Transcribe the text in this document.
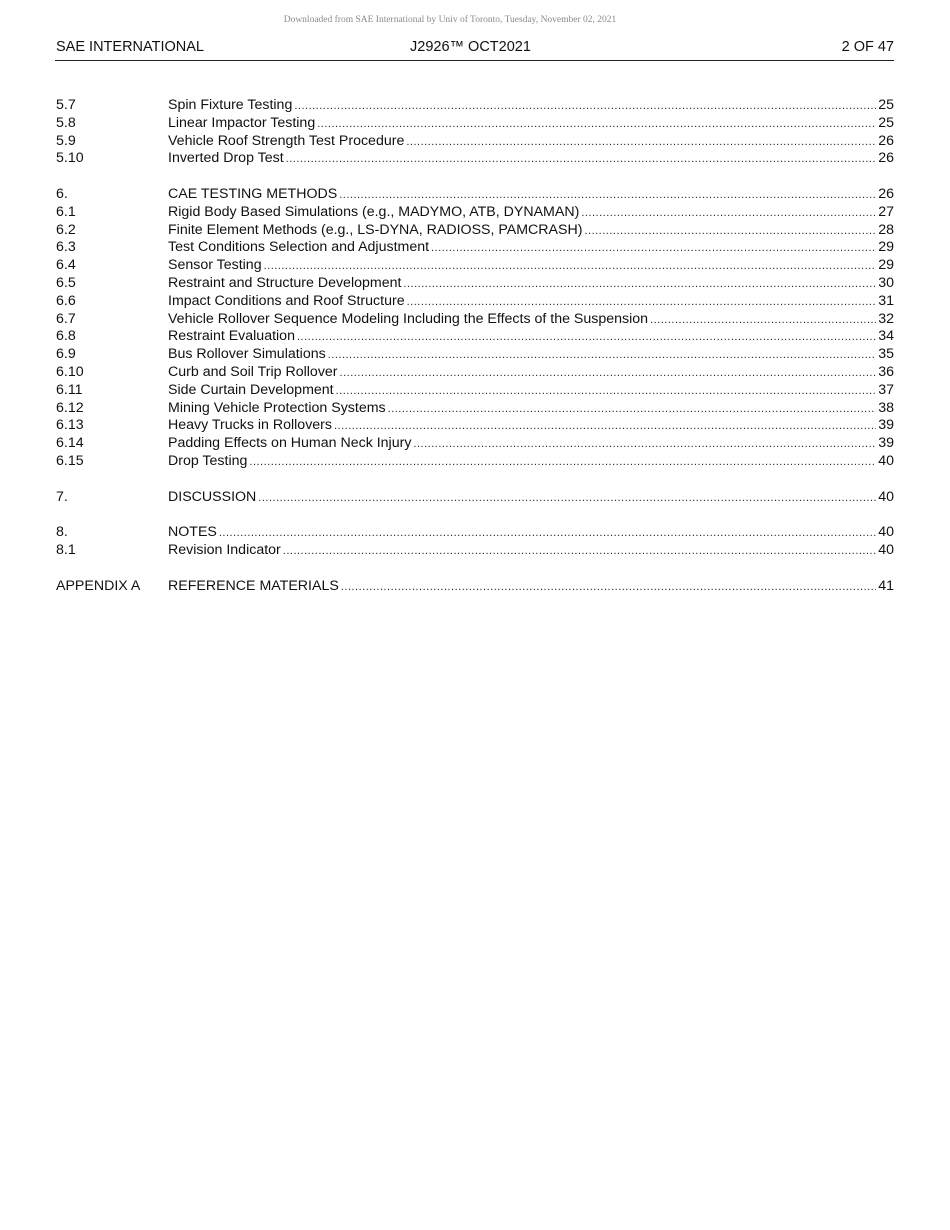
Downloaded from SAE International by Univ of Toronto, Tuesday, November 02, 2021
SAE INTERNATIONAL	J2926™ OCT2021	2 OF 47
5.7	Spin Fixture Testing .....	25
5.8	Linear Impactor Testing .....	25
5.9	Vehicle Roof Strength Test Procedure .....	26
5.10	Inverted Drop Test .....	26
6.	CAE TESTING METHODS .....	26
6.1	Rigid Body Based Simulations (e.g., MADYMO, ATB, DYNAMAN) .....	27
6.2	Finite Element Methods (e.g., LS-DYNA, RADIOSS, PAMCRASH) .....	28
6.3	Test Conditions Selection and Adjustment .....	29
6.4	Sensor Testing .....	29
6.5	Restraint and Structure Development .....	30
6.6	Impact Conditions and Roof Structure .....	31
6.7	Vehicle Rollover Sequence Modeling Including the Effects of the Suspension .....	32
6.8	Restraint Evaluation .....	34
6.9	Bus Rollover Simulations .....	35
6.10	Curb and Soil Trip Rollover .....	36
6.11	Side Curtain Development .....	37
6.12	Mining Vehicle Protection Systems .....	38
6.13	Heavy Trucks in Rollovers .....	39
6.14	Padding Effects on Human Neck Injury .....	39
6.15	Drop Testing .....	40
7.	DISCUSSION .....	40
8.	NOTES .....	40
8.1	Revision Indicator .....	40
APPENDIX A	REFERENCE MATERIALS .....	41
